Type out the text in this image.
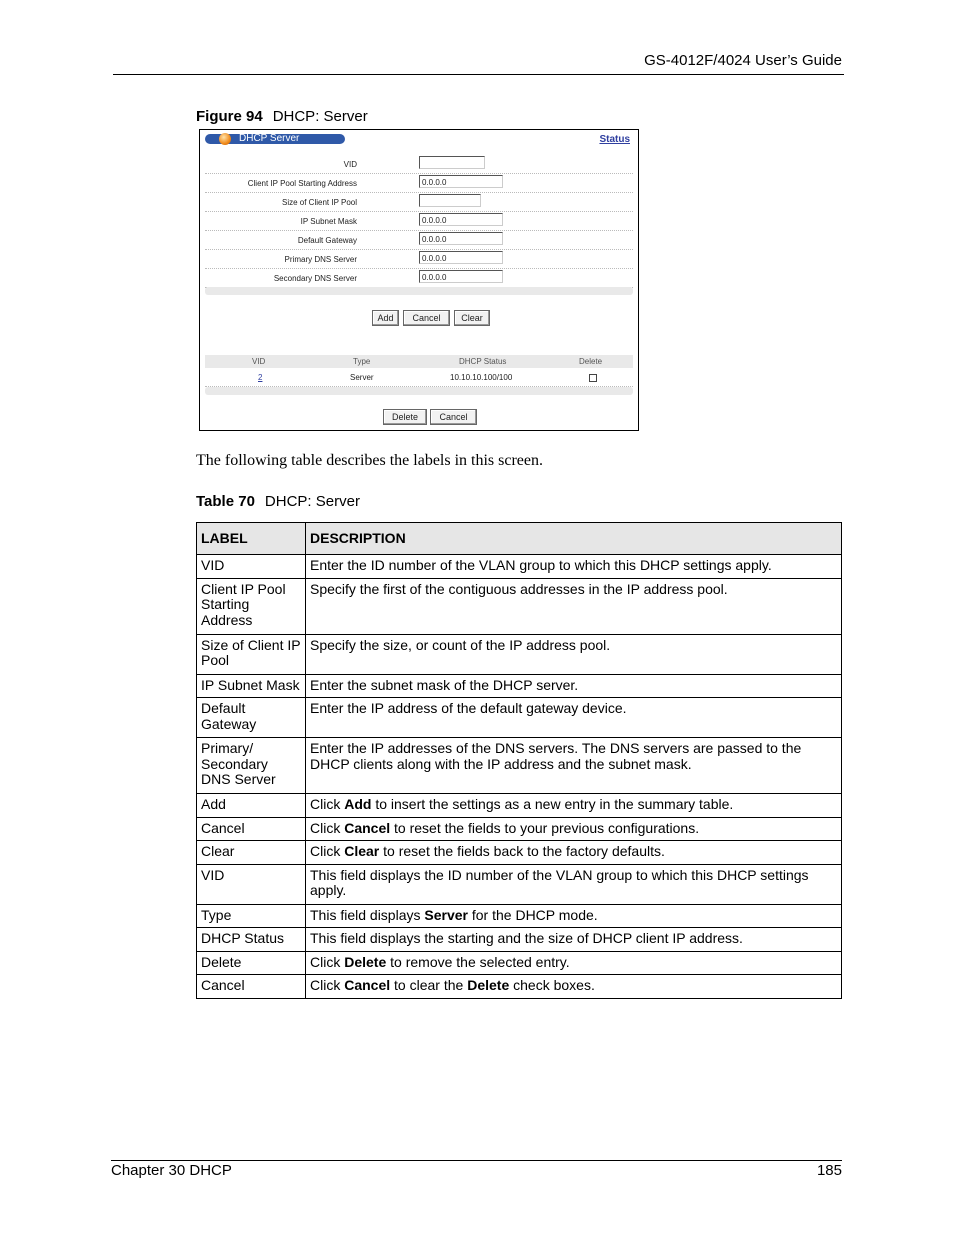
GS-4012F/4024 User’s Guide
Figure 94 DHCP: Server
DHCP Server	Status
VID
Client IP Pool Starting Address	0.0.0.0
Size of Client IP Pool
IP Subnet Mask	0.0.0.0
Default Gateway	0.0.0.0
Primary DNS Server	0.0.0.0
Secondary DNS Server	0.0.0.0
Add	Cancel	Clear
VID	Type	DHCP Status	Delete
2	Server	10.10.10.100/100
Delete	Cancel
The following table describes the labels in this screen.
Table 70 DHCP: Server
LABEL	DESCRIPTION
VID	Enter the ID number of the VLAN group to which this DHCP settings apply.
Client IP Pool Starting Address	Specify the first of the contiguous addresses in the IP address pool.
Size of Client IP Pool	Specify the size, or count of the IP address pool.
IP Subnet Mask	Enter the subnet mask of the DHCP server.
Default Gateway	Enter the IP address of the default gateway device.
Primary/ Secondary DNS Server	Enter the IP addresses of the DNS servers. The DNS servers are passed to the DHCP clients along with the IP address and the subnet mask.
Add	Click Add to insert the settings as a new entry in the summary table.
Cancel	Click Cancel to reset the fields to your previous configurations.
Clear	Click Clear to reset the fields back to the factory defaults.
VID	This field displays the ID number of the VLAN group to which this DHCP settings apply.
Type	This field displays Server for the DHCP mode.
DHCP Status	This field displays the starting and the size of DHCP client IP address.
Delete	Click Delete to remove the selected entry.
Cancel	Click Cancel to clear the Delete check boxes.
Chapter 30 DHCP	185
